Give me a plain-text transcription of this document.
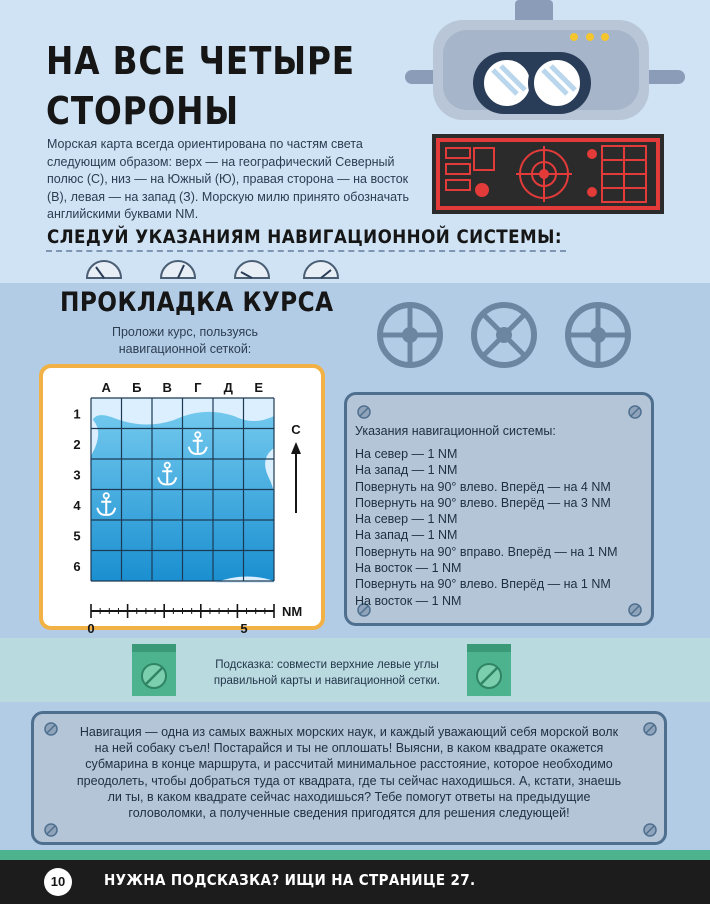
НА ВСЕ ЧЕТЫРЕ
СТОРОНЫ
Морская карта всегда ориентирована по частям света следующим образом: верх — на географический Северный полюс (С), низ — на Южный (Ю), правая сторона — на восток (В), левая — на запад (З). Морскую милю принято обозначать английскими буквами NM.
СЛЕДУЙ УКАЗАНИЯМ НАВИГАЦИОННОЙ СИСТЕМЫ:
ПРОКЛАДКА КУРСА
Проложи курс, пользуясь навигационной сеткой:
А Б В Г Д Е
1
2
3
4
5
6
С
0	5
NM
Указания навигационной системы:
На север — 1 NM
На запад — 1 NM
Повернуть на 90° влево. Вперёд — на 4 NM
Повернуть на 90° влево. Вперёд — на 3 NM
На север — 1 NM
На запад — 1 NM
Повернуть на 90° вправо. Вперёд — на 1 NM
На восток — 1 NM
Повернуть на 90° влево. Вперёд — на 1 NM
На восток — 1 NM
Подсказка: совмести верхние левые углы правильной карты и навигационной сетки.
Навигация — одна из самых важных морских наук, и каждый уважающий себя морской волк на ней собаку съел! Постарайся и ты не оплошать! Выясни, в каком квадрате окажется субмарина в конце маршрута, и рассчитай минимальное расстояние, которое необходимо преодолеть, чтобы добраться туда от квадрата, где ты сейчас находишься. А, кстати, знаешь ли ты, в каком квадрате сейчас находишься? Тебе помогут ответы на предыдущие головоломки, а полученные сведения пригодятся для решения следующей!
10	НУЖНА ПОДСКАЗКА? ИЩИ НА СТРАНИЦЕ 27.
